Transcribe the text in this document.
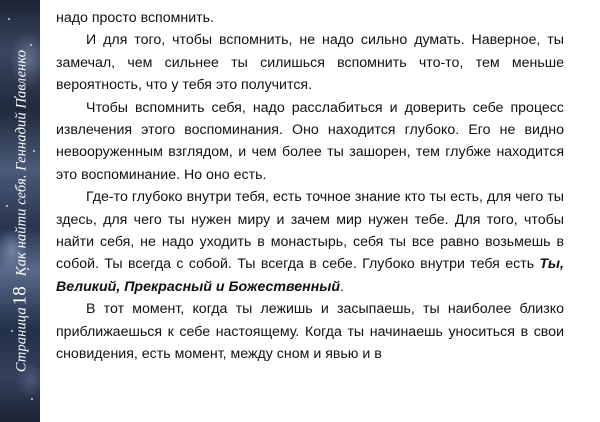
Страница18Как найти себя. Геннадий Павленко

надо просто вспомнить.

И для того, чтобы вспомнить, не надо сильно думать. Наверное, ты замечал, чем сильнее ты силишься вспомнить что-то, тем меньше вероятность, что у тебя это получится.

Чтобы вспомнить себя, надо расслабиться и доверить себе процесс извлечения этого воспоминания. Оно находится глубоко. Его не видно невооруженным взглядом, и чем более ты зашорен, тем глубже находится это воспоминание. Но оно есть.

Где-то глубоко внутри тебя, есть точное знание кто ты есть, для чего ты здесь, для чего ты нужен миру и зачем мир нужен тебе. Для того, чтобы найти себя, не надо уходить в монастырь, себя ты все равно возьмешь в собой. Ты всегда с собой. Ты всегда в себе. Глубоко внутри тебя есть Ты, Великий, Прекрасный и Божественный.

В тот момент, когда ты лежишь и засыпаешь, ты наиболее близко приближаешься к себе настоящему. Когда ты начинаешь уноситься в свои сновидения, есть момент, между сном и явью и в
